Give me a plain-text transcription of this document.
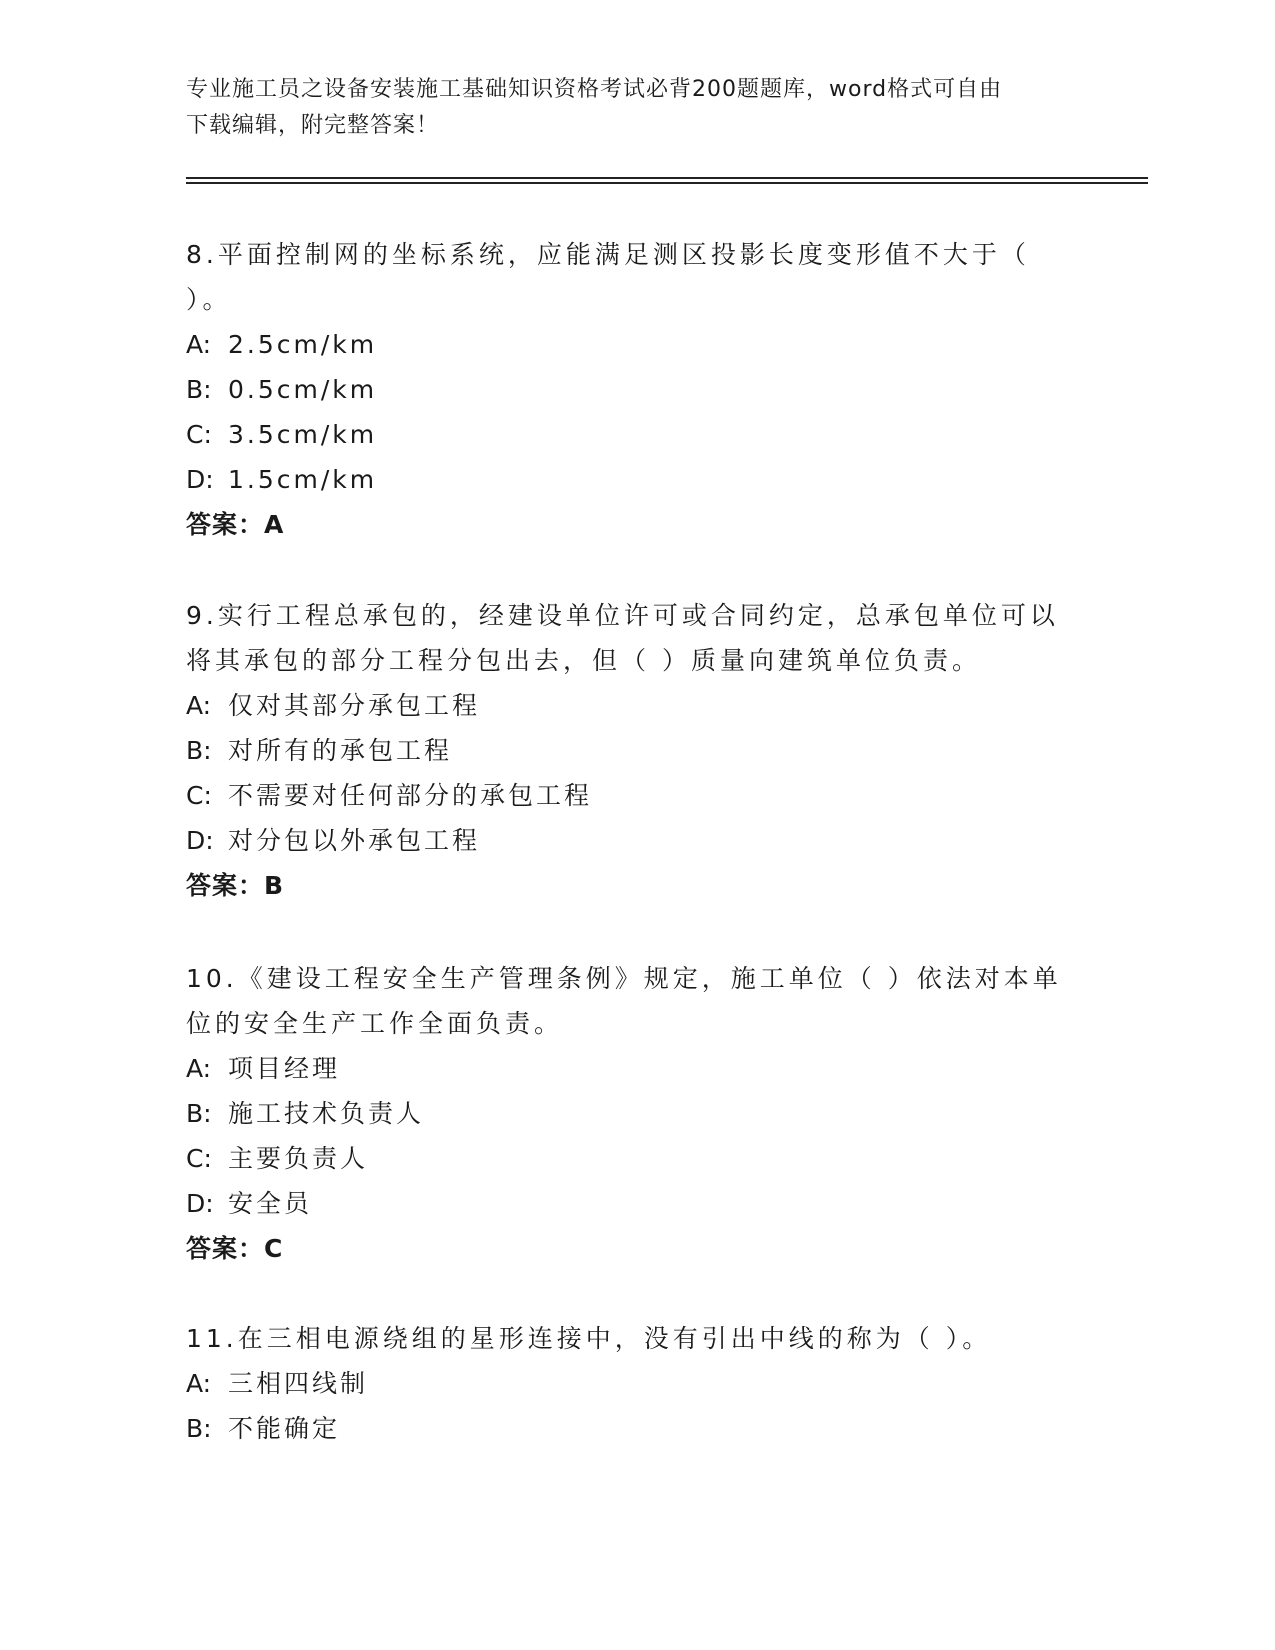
专业施工员之设备安装施工基础知识资格考试必背200题题库，word格式可自由
下载编辑，附完整答案！

8.平面控制网的坐标系统，应能满足测区投影长度变形值不大于（ ）。

A: 2.5cm/km

B: 0.5cm/km

C: 3.5cm/km

D: 1.5cm/km

答案：A

9.实行工程总承包的，经建设单位许可或合同约定，总承包单位可以将其承包的部分工程分包出去，但（ ）质量向建筑单位负责。

A: 仅对其部分承包工程

B: 对所有的承包工程

C: 不需要对任何部分的承包工程

D: 对分包以外承包工程

答案：B

10.《建设工程安全生产管理条例》规定，施工单位（ ）依法对本单位的安全生产工作全面负责。

A: 项目经理

B: 施工技术负责人

C: 主要负责人

D: 安全员

答案：C

11.在三相电源绕组的星形连接中，没有引出中线的称为（ ）。

A: 三相四线制

B: 不能确定
